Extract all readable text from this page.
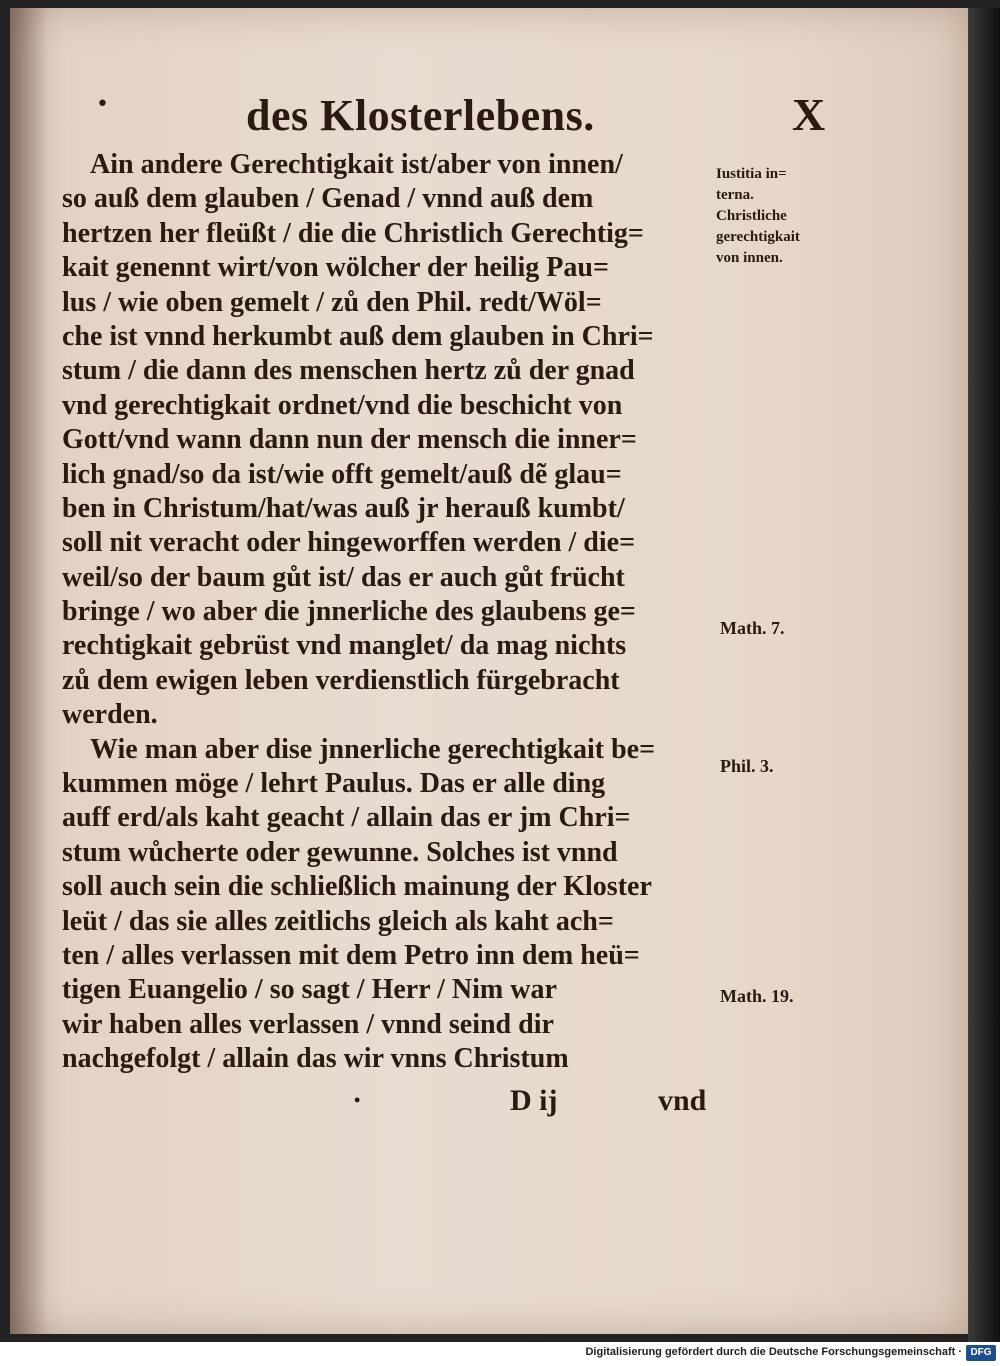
•	des Klosterlebens.	X
Ain andere Gerechtigkait ist/aber von innen/
so auß dem glauben / Genad / vnnd auß dem
hertzen her fleüßt / die die Christlich Gerechtig=
kait genennt wirt/von wölcher der heilig Pau=
lus / wie oben gemelt / zů den Phil. redt/Wöl=
che ist vnnd herkumbt auß dem glauben in Chri=
stum / die dann des menschen hertz zů der gnad
vnd gerechtigkait ordnet/vnd die beschicht von
Gott/vnd wann dann nun der mensch die inner=
lich gnad/so da ist/wie offt gemelt/auß dẽ glau=
ben in Christum/hat/was auß jr herauß kumbt/
soll nit veracht oder hingeworffen werden / die=
weil/so der baum gůt ist/ das er auch gůt frücht
bringe / wo aber die jnnerliche des glaubens ge=
rechtigkait gebrüst vnd manglet/ da mag nichts
zů dem ewigen leben verdienstlich fürgebracht
werden.
Wie man aber dise jnnerliche gerechtigkait be=
kummen möge / lehrt Paulus. Das er alle ding
auff erd/als kaht geacht / allain das er jm Chri=
stum wůcherte oder gewunne. Solches ist vnnd
soll auch sein die schließlich mainung der Kloster
leüt / das sie alles zeitlichs gleich als kaht ach=
ten / alles verlassen mit dem Petro inn dem heü=
tigen Euangelio / so sagt / Herr / Nim war
wir haben alles verlassen / vnnd seind dir
nachgefolgt / allain das wir vnns Christum
•	D ij	vnd
Iustitia in=
terna.
Christliche
gerechtigkait
von innen.
Math. 7.
Phil. 3.
Math. 19.
Digitalisierung gefördert durch die Deutsche Forschungsgemeinschaft · DFG
